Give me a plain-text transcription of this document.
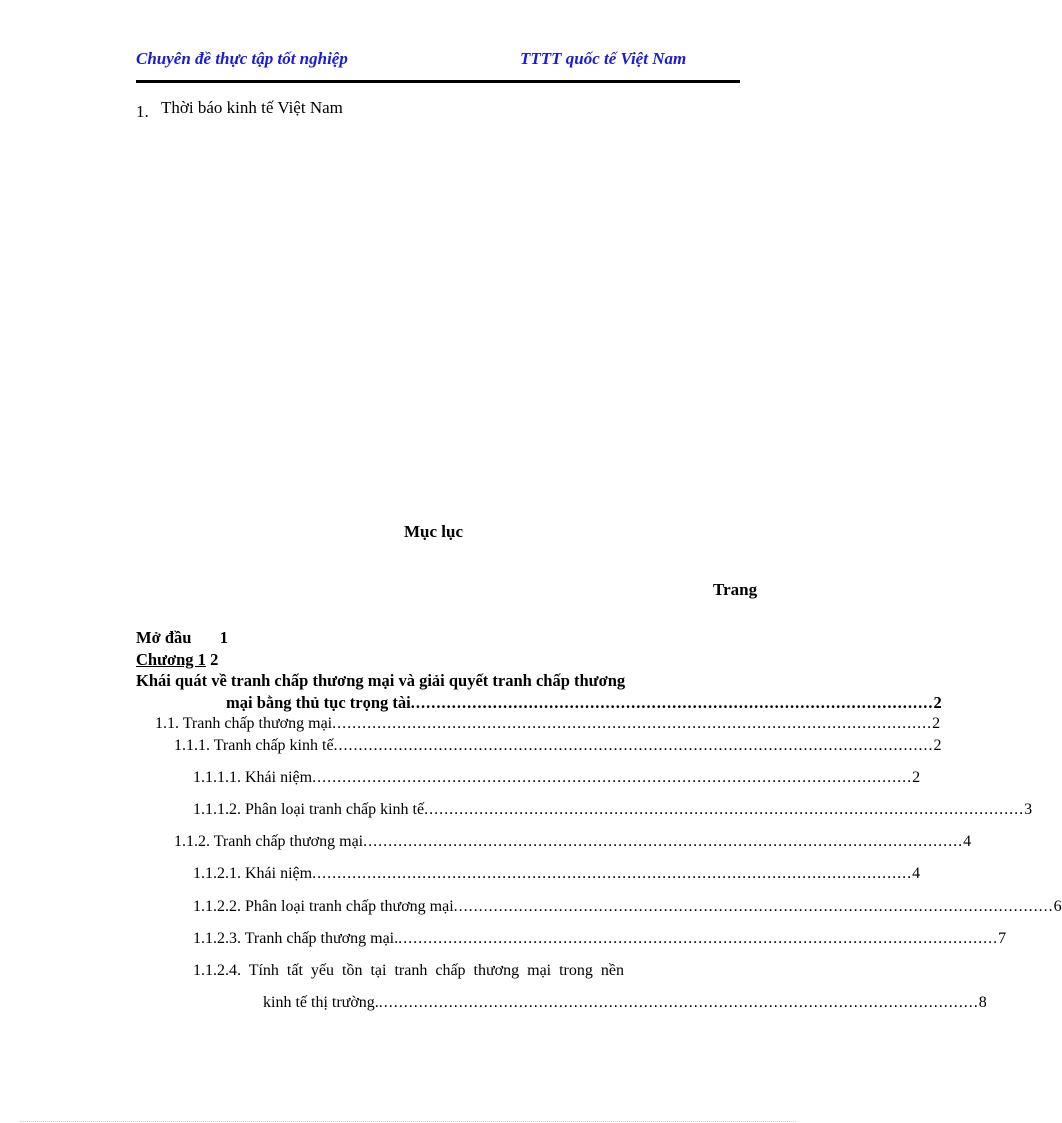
Chuyên đề thực tập tốt nghiệp	TTTT quốc tế Việt Nam
1. Thời báo kinh tế Việt Nam
Mục lục
Trang
Mở đầu 1
Chương 1 2
Khái quát về tranh chấp thương mại và giải quyết tranh chấp thương
mại bằng thủ tục trọng tài ...................................................................................................... 2
1.1. Tranh chấp thương mại ........................................................................................................................ 2
1.1.1. Tranh chấp kinh tế ........................................................................................................................ 2
1.1.1.1. Khái niệm ........................................................................................................................ 2
1.1.1.2. Phân loại tranh chấp kinh tế ........................................................................................................................ 3
1.1.2. Tranh chấp thương mại ........................................................................................................................ 4
1.1.2.1. Khái niệm ........................................................................................................................ 4
1.1.2.2. Phân loại tranh chấp thương mại ........................................................................................................................ 6
1.1.2.3. Tranh chấp thương mại. ........................................................................................................................ 7
1.1.2.4.  Tính  tất  yếu  tồn  tại  tranh  chấp  thương  mại  trong  nền
kinh tế thị trường. ........................................................................................................................ 8
